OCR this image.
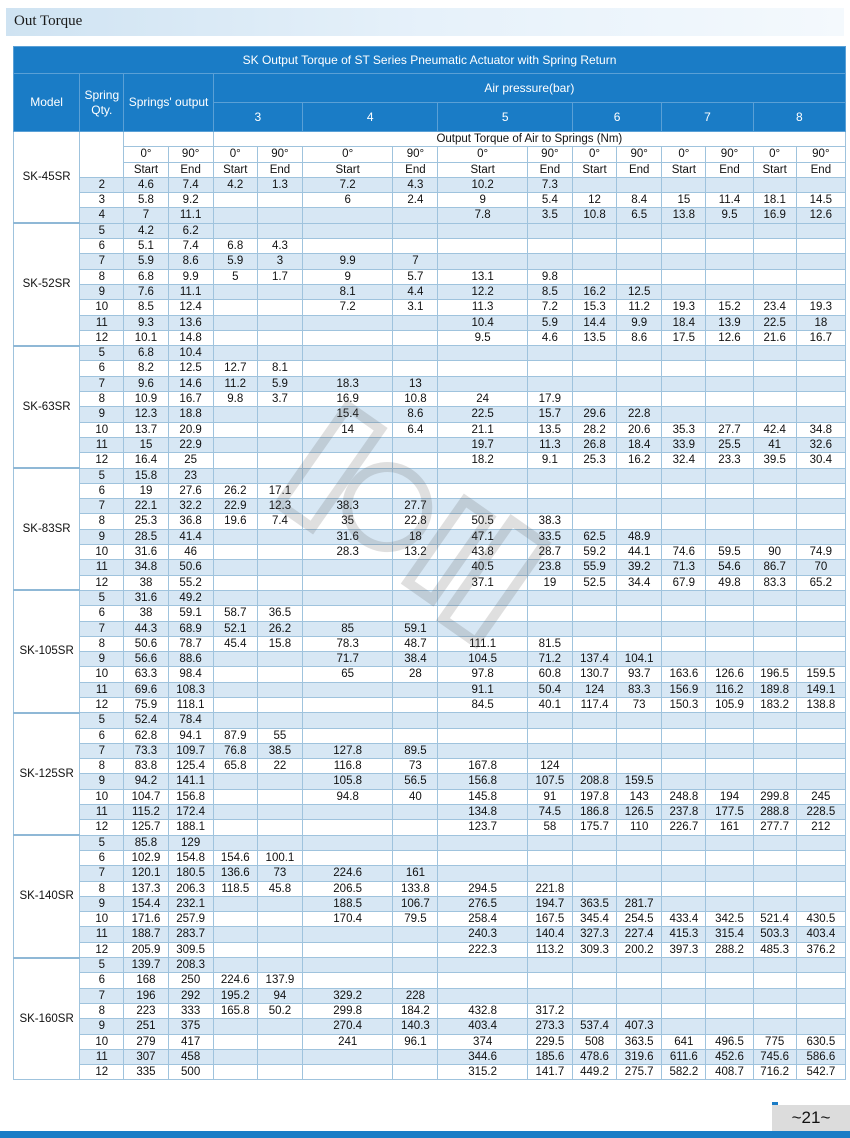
Out Torque
SK Output Torque of ST Series Pneumatic Actuator with Spring Return															
Model	Spring Qty.	Springs' output		Air pressure(bar)											
				3		4		5		6		7		8	
SK-45SR				Output Torque of Air to Springs (Nm)											
		0°	90°	0°	90°	0°	90°	0°	90°	0°	90°	0°	90°	0°	90°
		Start	End	Start	End	Start	End	Start	End	Start	End	Start	End	Start	End
	2	4.6	7.4	4.2	1.3	7.2	4.3	10.2	7.3						
	3	5.8	9.2			6	2.4	9	5.4	12	8.4	15	11.4	18.1	14.5
	4	7	11.1					7.8	3.5	10.8	6.5	13.8	9.5	16.9	12.6
SK-52SR	5	4.2	6.2												
	6	5.1	7.4	6.8	4.3										
	7	5.9	8.6	5.9	3	9.9	7								
	8	6.8	9.9	5	1.7	9	5.7	13.1	9.8						
	9	7.6	11.1			8.1	4.4	12.2	8.5	16.2	12.5				
	10	8.5	12.4			7.2	3.1	11.3	7.2	15.3	11.2	19.3	15.2	23.4	19.3
	11	9.3	13.6					10.4	5.9	14.4	9.9	18.4	13.9	22.5	18
	12	10.1	14.8					9.5	4.6	13.5	8.6	17.5	12.6	21.6	16.7
SK-63SR	5	6.8	10.4												
	6	8.2	12.5	12.7	8.1										
	7	9.6	14.6	11.2	5.9	18.3	13								
	8	10.9	16.7	9.8	3.7	16.9	10.8	24	17.9						
	9	12.3	18.8			15.4	8.6	22.5	15.7	29.6	22.8				
	10	13.7	20.9			14	6.4	21.1	13.5	28.2	20.6	35.3	27.7	42.4	34.8
	11	15	22.9					19.7	11.3	26.8	18.4	33.9	25.5	41	32.6
	12	16.4	25					18.2	9.1	25.3	16.2	32.4	23.3	39.5	30.4
SK-83SR	5	15.8	23												
	6	19	27.6	26.2	17.1										
	7	22.1	32.2	22.9	12.3	38.3	27.7								
	8	25.3	36.8	19.6	7.4	35	22.8	50.5	38.3						
	9	28.5	41.4			31.6	18	47.1	33.5	62.5	48.9				
	10	31.6	46			28.3	13.2	43.8	28.7	59.2	44.1	74.6	59.5	90	74.9
	11	34.8	50.6					40.5	23.8	55.9	39.2	71.3	54.6	86.7	70
	12	38	55.2					37.1	19	52.5	34.4	67.9	49.8	83.3	65.2
SK-105SR	5	31.6	49.2												
	6	38	59.1	58.7	36.5										
	7	44.3	68.9	52.1	26.2	85	59.1								
	8	50.6	78.7	45.4	15.8	78.3	48.7	111.1	81.5						
	9	56.6	88.6			71.7	38.4	104.5	71.2	137.4	104.1				
	10	63.3	98.4			65	28	97.8	60.8	130.7	93.7	163.6	126.6	196.5	159.5
	11	69.6	108.3					91.1	50.4	124	83.3	156.9	116.2	189.8	149.1
	12	75.9	118.1					84.5	40.1	117.4	73	150.3	105.9	183.2	138.8
SK-125SR	5	52.4	78.4												
	6	62.8	94.1	87.9	55										
	7	73.3	109.7	76.8	38.5	127.8	89.5								
	8	83.8	125.4	65.8	22	116.8	73	167.8	124						
	9	94.2	141.1			105.8	56.5	156.8	107.5	208.8	159.5				
	10	104.7	156.8			94.8	40	145.8	91	197.8	143	248.8	194	299.8	245
	11	115.2	172.4					134.8	74.5	186.8	126.5	237.8	177.5	288.8	228.5
	12	125.7	188.1					123.7	58	175.7	110	226.7	161	277.7	212
SK-140SR	5	85.8	129												
	6	102.9	154.8	154.6	100.1										
	7	120.1	180.5	136.6	73	224.6	161								
	8	137.3	206.3	118.5	45.8	206.5	133.8	294.5	221.8						
	9	154.4	232.1			188.5	106.7	276.5	194.7	363.5	281.7				
	10	171.6	257.9			170.4	79.5	258.4	167.5	345.4	254.5	433.4	342.5	521.4	430.5
	11	188.7	283.7					240.3	140.4	327.3	227.4	415.3	315.4	503.3	403.4
	12	205.9	309.5					222.3	113.2	309.3	200.2	397.3	288.2	485.3	376.2
SK-160SR	5	139.7	208.3												
	6	168	250	224.6	137.9										
	7	196	292	195.2	94	329.2	228								
	8	223	333	165.8	50.2	299.8	184.2	432.8	317.2						
	9	251	375			270.4	140.3	403.4	273.3	537.4	407.3				
	10	279	417			241	96.1	374	229.5	508	363.5	641	496.5	775	630.5
	11	307	458					344.6	185.6	478.6	319.6	611.6	452.6	745.6	586.6
	12	335	500					315.2	141.7	449.2	275.7	582.2	408.7	716.2	542.7
~21~
